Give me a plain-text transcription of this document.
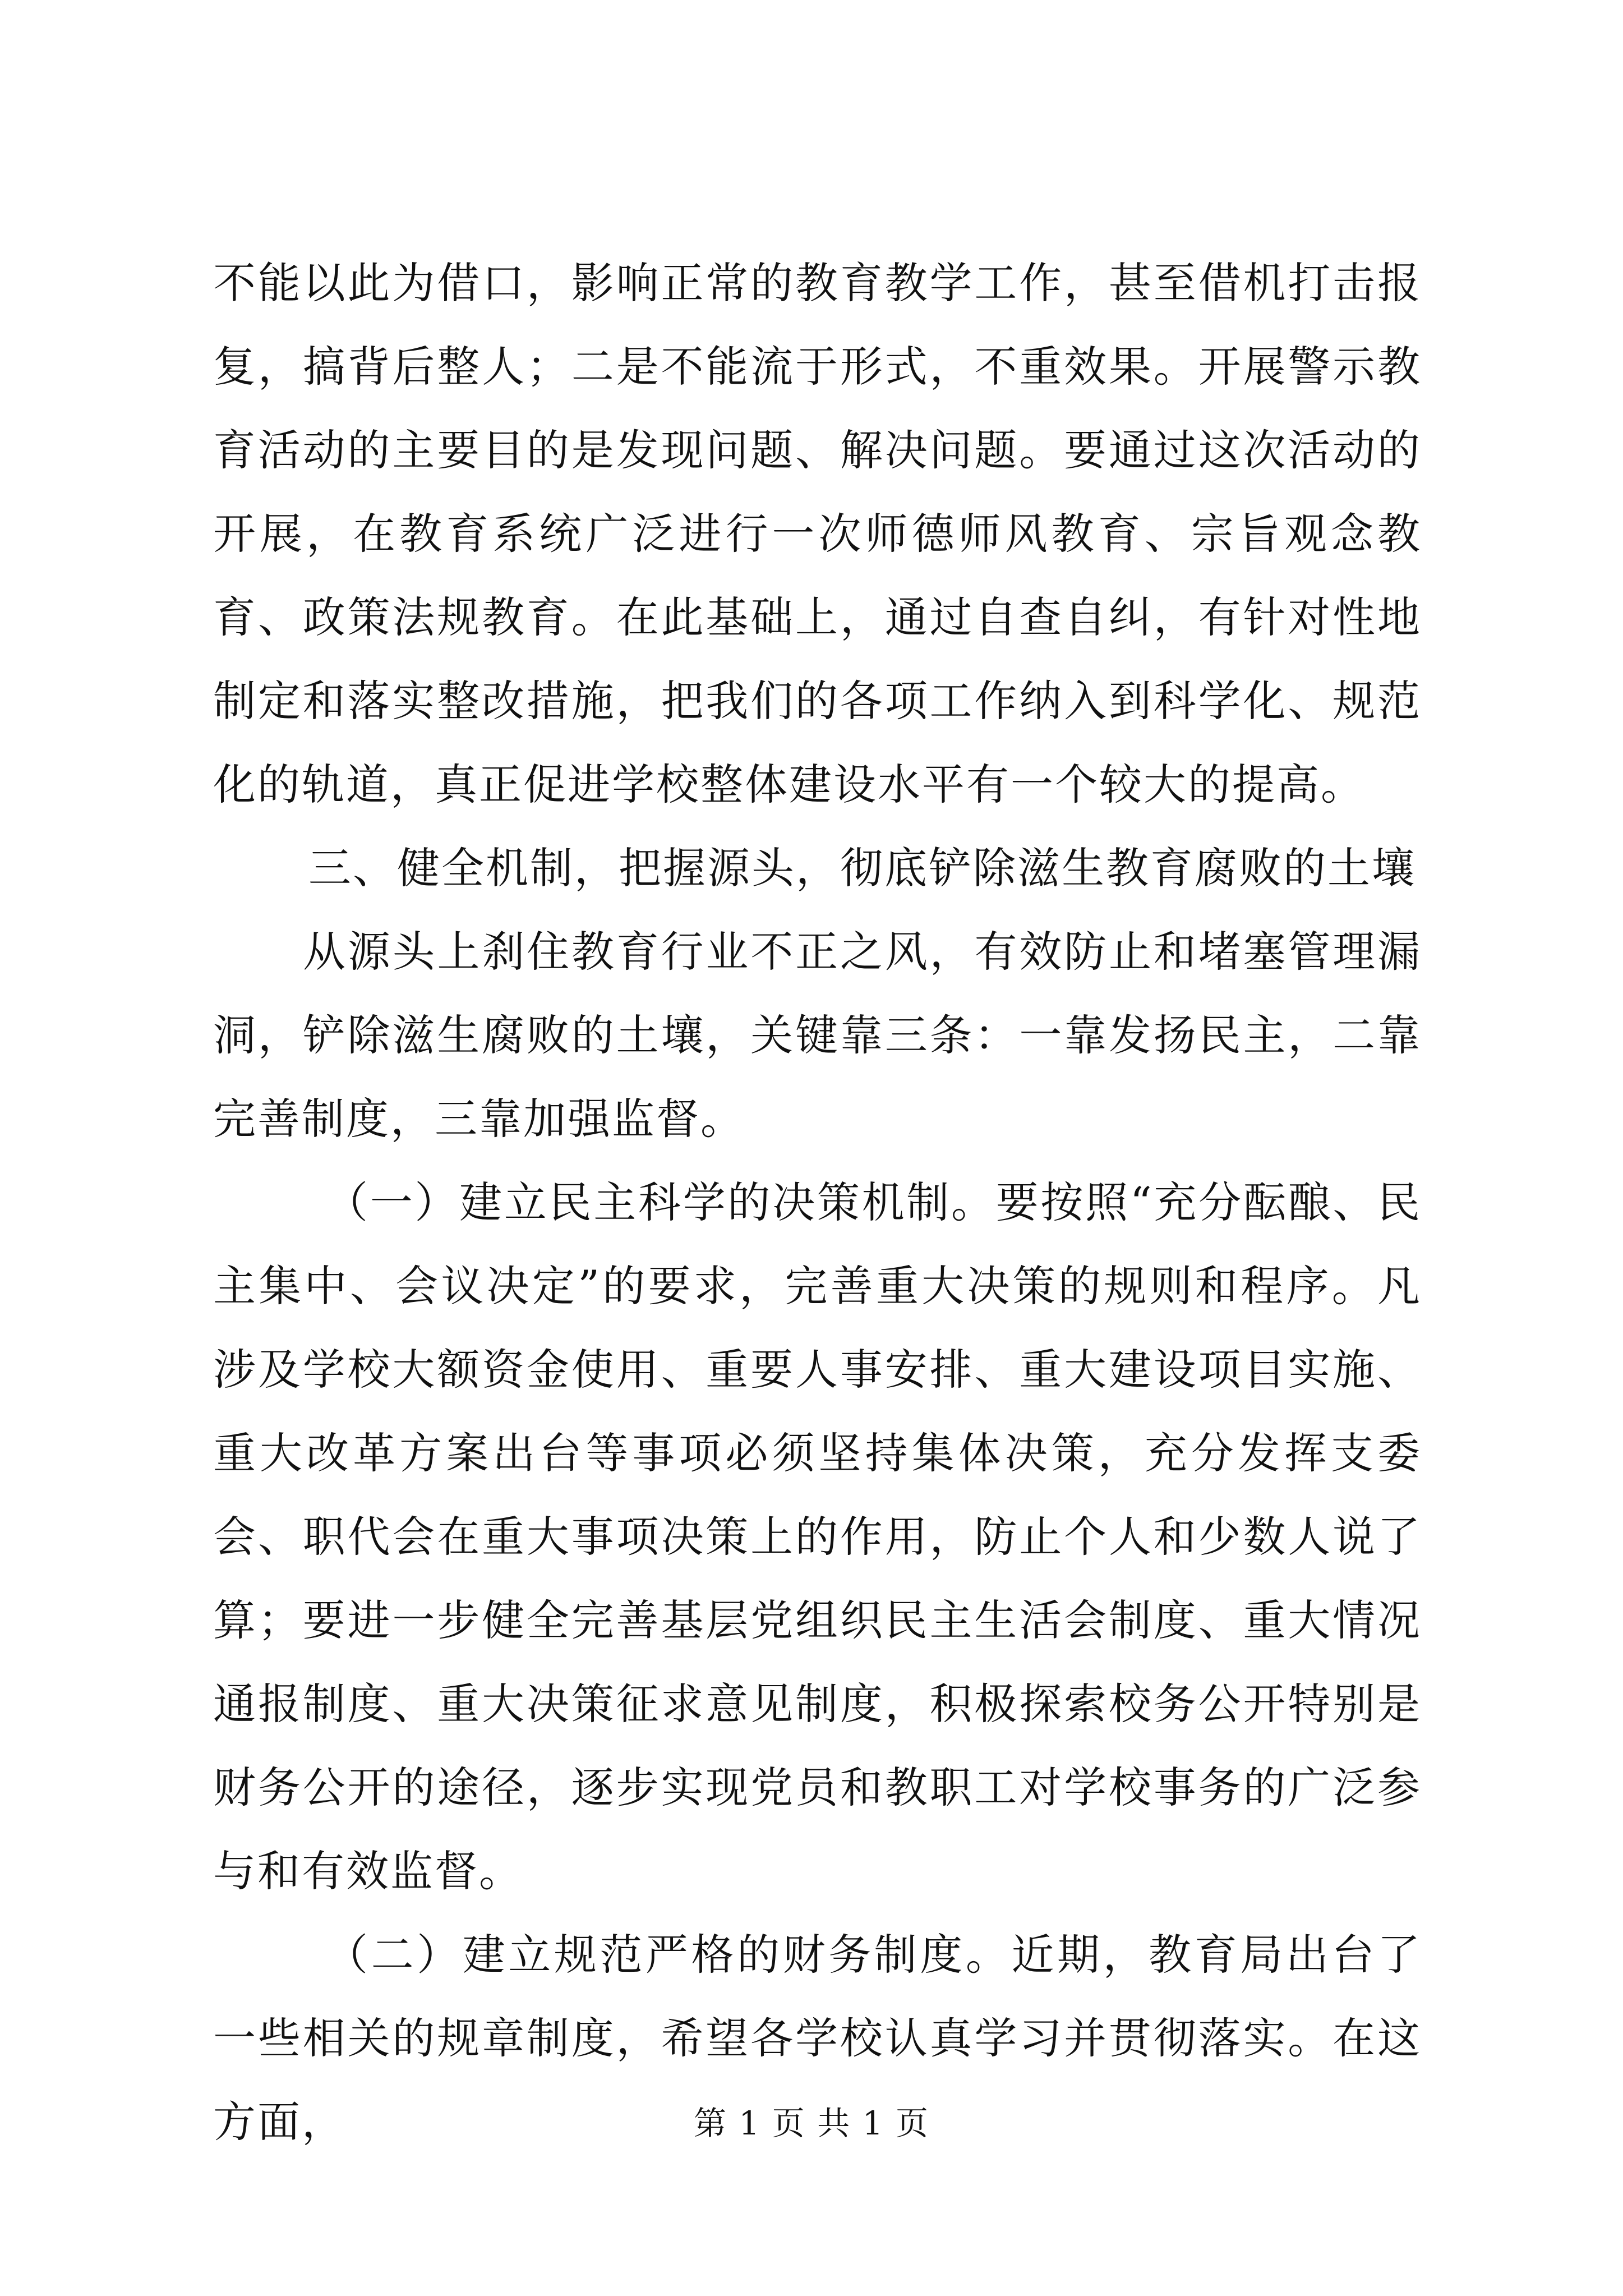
不能以此为借口，影响正常的教育教学工作，甚至借机打击报复，搞背后整人；二是不能流于形式，不重效果。开展警示教育活动的主要目的是发现问题、解决问题。要通过这次活动的开展，在教育系统广泛进行一次师德师风教育、宗旨观念教育、政策法规教育。在此基础上，通过自查自纠，有针对性地制定和落实整改措施，把我们的各项工作纳入到科学化、规范化的轨道，真正促进学校整体建设水平有一个较大的提高。

三、健全机制，把握源头，彻底铲除滋生教育腐败的土壤

从源头上刹住教育行业不正之风，有效防止和堵塞管理漏洞，铲除滋生腐败的土壤，关键靠三条：一靠发扬民主，二靠完善制度，三靠加强监督。

（一）建立民主科学的决策机制。要按照“充分酝酿、民主集中、会议决定”的要求，完善重大决策的规则和程序。凡涉及学校大额资金使用、重要人事安排、重大建设项目实施、重大改革方案出台等事项必须坚持集体决策，充分发挥支委会、职代会在重大事项决策上的作用，防止个人和少数人说了算；要进一步健全完善基层党组织民主生活会制度、重大情况通报制度、重大决策征求意见制度，积极探索校务公开特别是财务公开的途径，逐步实现党员和教职工对学校事务的广泛参与和有效监督。

（二）建立规范严格的财务制度。近期，教育局出台了一些相关的规章制度，希望各学校认真学习并贯彻落实。在这方面，	第 1 页 共 1 页
